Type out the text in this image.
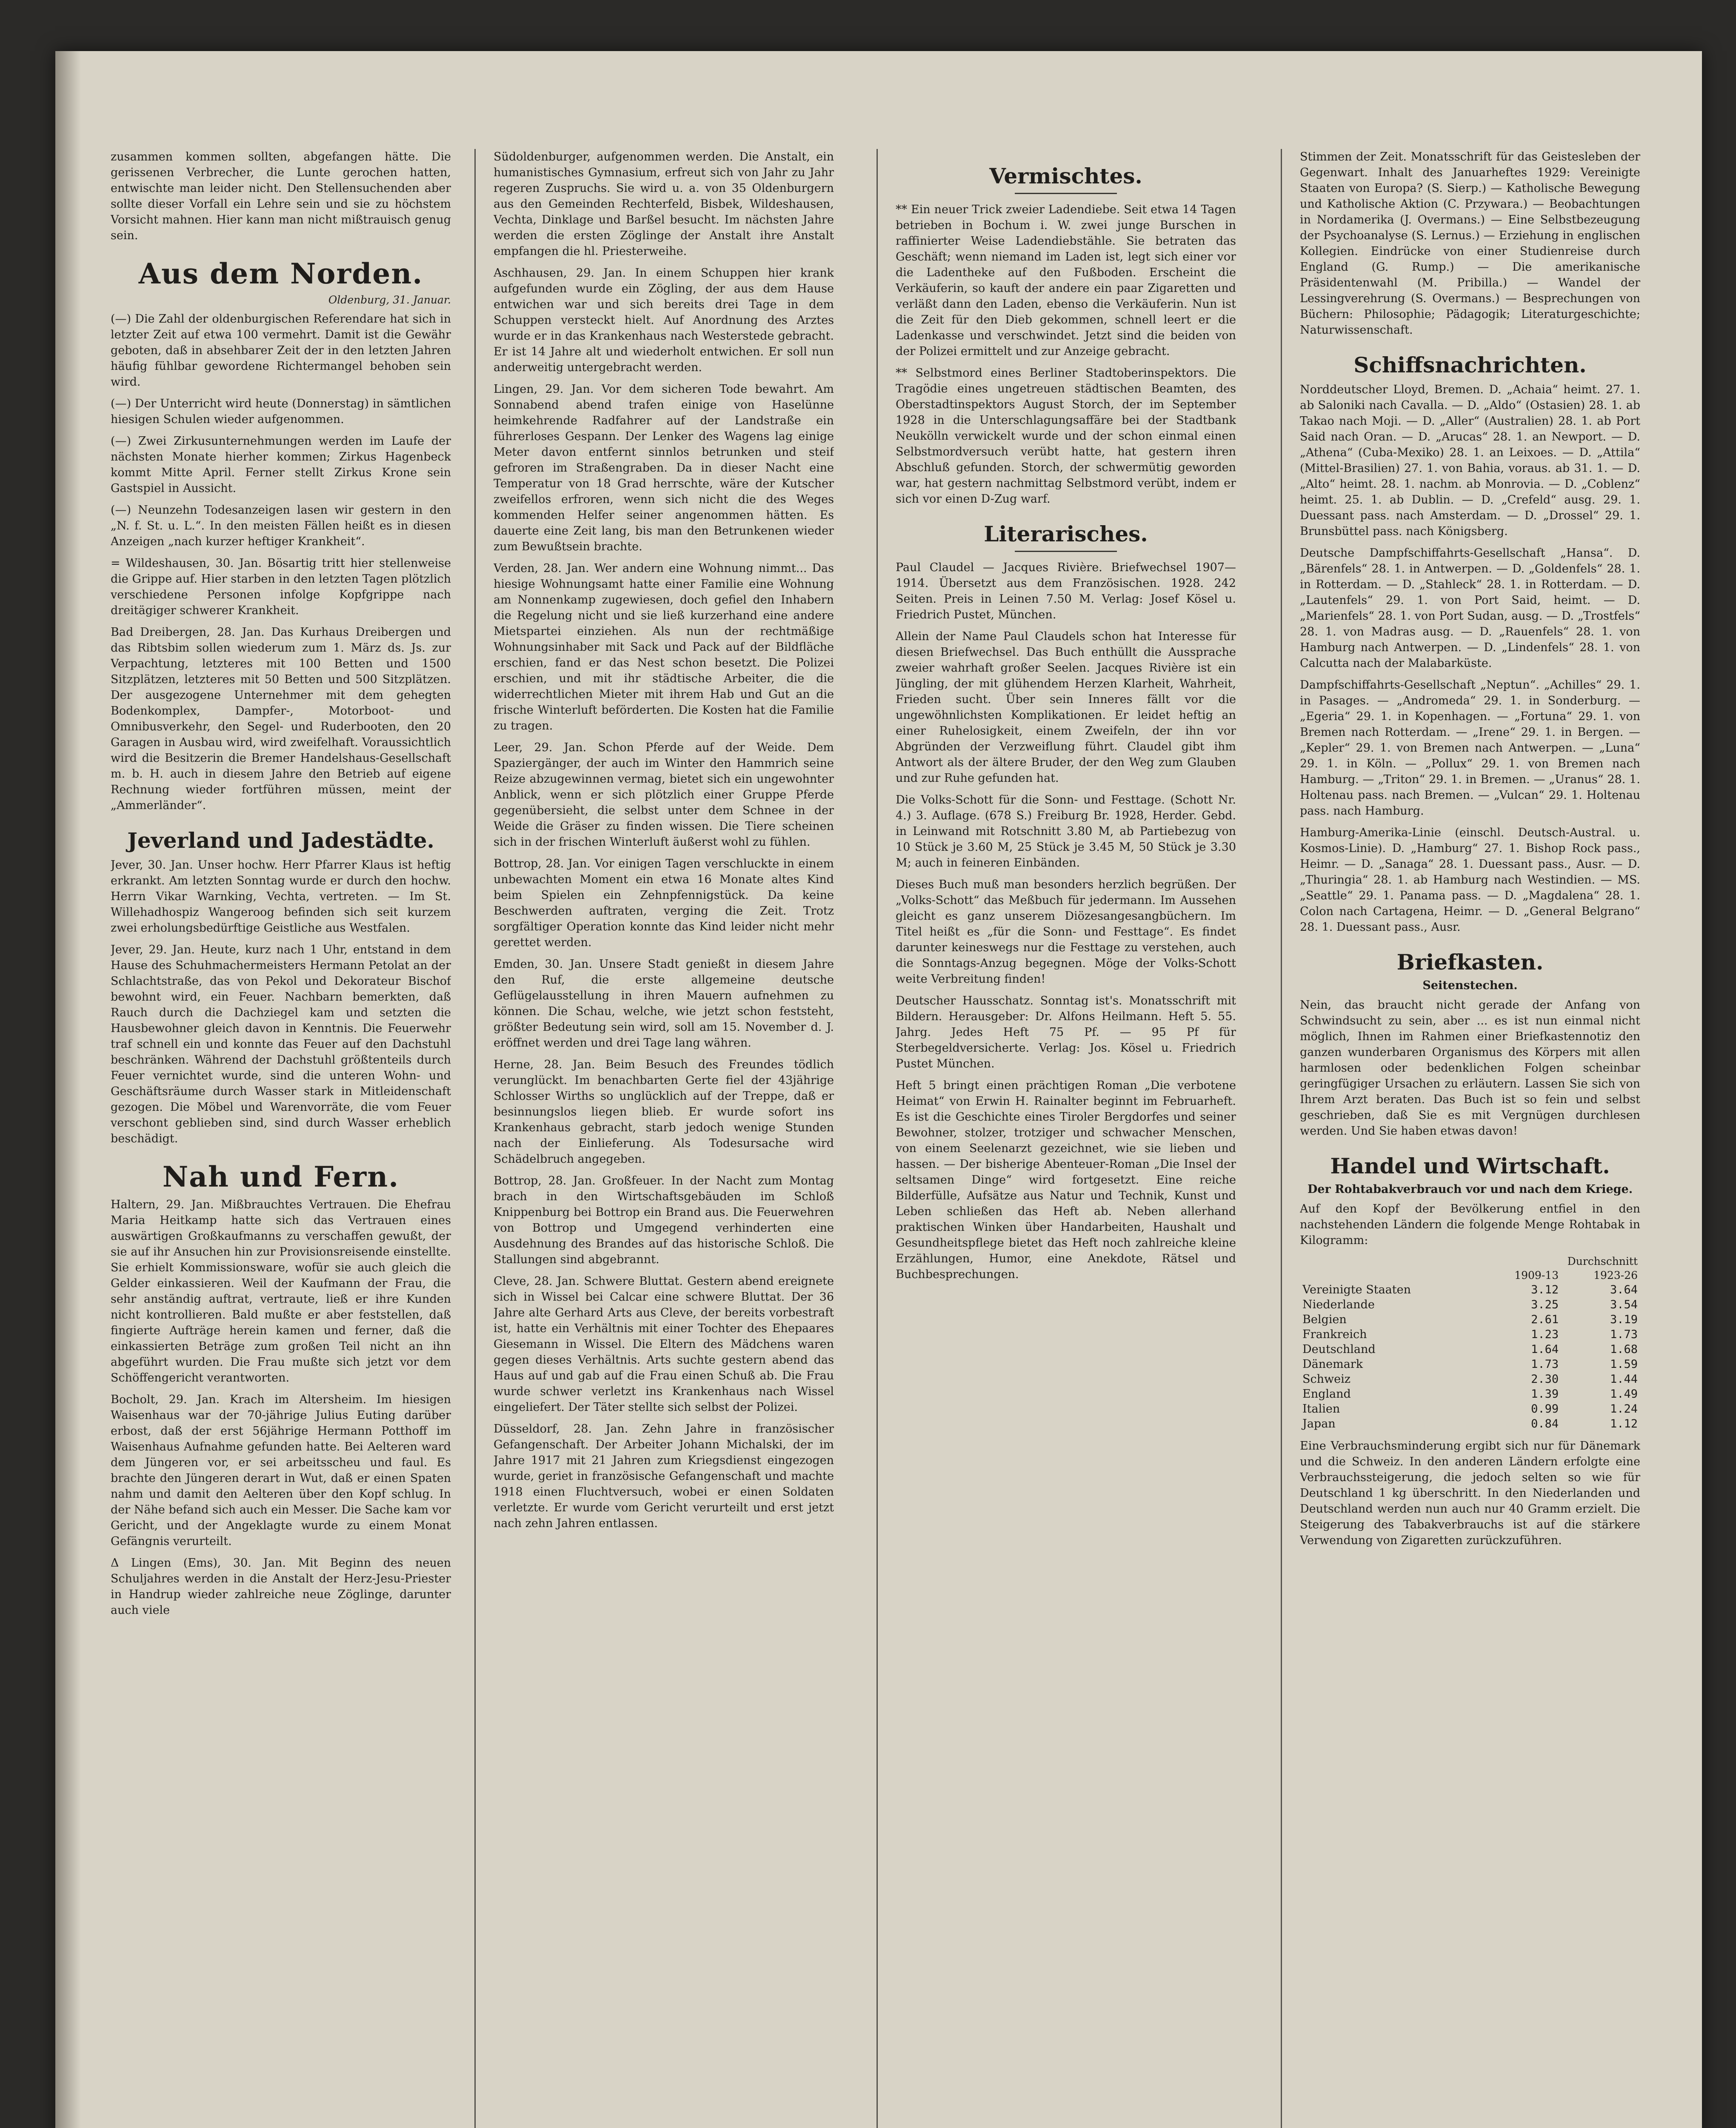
zusammen kommen sollten, abgefangen hätte. Die gerissenen Verbrecher, die Lunte gerochen hatten, entwischte man leider nicht. Den Stellensuchenden aber sollte dieser Vorfall ein Lehre sein und sie zu höchstem Vorsicht mahnen. Hier kann man nicht mißtrauisch genug sein.

Aus dem Norden.
Oldenburg, 31. Januar.

(—) Die Zahl der oldenburgischen Referendare hat sich in letzter Zeit auf etwa 100 vermehrt. Damit ist die Gewähr geboten, daß in absehbarer Zeit der in den letzten Jahren häufig fühlbar gewordene Richtermangel behoben sein wird.

(—) Der Unterricht wird heute (Donnerstag) in sämtlichen hiesigen Schulen wieder aufgenommen.

(—) Zwei Zirkusunternehmungen werden im Laufe der nächsten Monate hierher kommen; Zirkus Hagenbeck kommt Mitte April. Ferner stellt Zirkus Krone sein Gastspiel in Aussicht.

(—) Neunzehn Todesanzeigen lasen wir gestern in den „N. f. St. u. L.“. In den meisten Fällen heißt es in diesen Anzeigen „nach kurzer heftiger Krankheit“.

= Wildeshausen, 30. Jan. Bösartig tritt hier stellenweise die Grippe auf. Hier starben in den letzten Tagen plötzlich verschiedene Personen infolge Kopfgrippe nach dreitägiger schwerer Krankheit.

Bad Dreibergen, 28. Jan. Das Kurhaus Dreibergen und das Ribtsbim sollen wiederum zum 1. März ds. Js. zur Verpachtung, letzteres mit 100 Betten und 1500 Sitzplätzen, letzteres mit 50 Betten und 500 Sitzplätzen. Der ausgezogene Unternehmer mit dem gehegten Bodenkomplex, Dampfer-, Motorboot- und Omnibusverkehr, den Segel- und Ruderbooten, den 20 Garagen in Ausbau wird, wird zweifelhaft. Voraussichtlich wird die Besitzerin die Bremer Handelshaus-Gesellschaft m. b. H. auch in diesem Jahre den Betrieb auf eigene Rechnung wieder fortführen müssen, meint der „Ammerländer“.

Jeverland und Jadestädte.

Jever, 30. Jan. Unser hochw. Herr Pfarrer Klaus ist heftig erkrankt. Am letzten Sonntag wurde er durch den hochw. Herrn Vikar Warnking, Vechta, vertreten. — Im St. Willehadhospiz Wangeroog befinden sich seit kurzem zwei erholungsbedürftige Geistliche aus Westfalen.

Jever, 29. Jan. Heute, kurz nach 1 Uhr, entstand in dem Hause des Schuhmachermeisters Hermann Petolat an der Schlachtstraße, das von Pekol und Dekorateur Bischof bewohnt wird, ein Feuer. Nachbarn bemerkten, daß Rauch durch die Dachziegel kam und setzten die Hausbewohner gleich davon in Kenntnis. Die Feuerwehr traf schnell ein und konnte das Feuer auf den Dachstuhl beschränken. Während der Dachstuhl größtenteils durch Feuer vernichtet wurde, sind die unteren Wohn- und Geschäftsräume durch Wasser stark in Mitleidenschaft gezogen. Die Möbel und Warenvorräte, die vom Feuer verschont geblieben sind, sind durch Wasser erheblich beschädigt.

Nah und Fern.

Haltern, 29. Jan. Mißbrauchtes Vertrauen. Die Ehefrau Maria Heitkamp hatte sich das Vertrauen eines auswärtigen Großkaufmanns zu verschaffen gewußt, der sie auf ihr Ansuchen hin zur Provisionsreisende einstellte. Sie erhielt Kommissionsware, wofür sie auch gleich die Gelder einkassieren. Weil der Kaufmann der Frau, die sehr anständig auftrat, vertraute, ließ er ihre Kunden nicht kontrollieren. Bald mußte er aber feststellen, daß fingierte Aufträge herein kamen und ferner, daß die einkassierten Beträge zum großen Teil nicht an ihn abgeführt wurden. Die Frau mußte sich jetzt vor dem Schöffengericht verantworten.

Bocholt, 29. Jan. Krach im Altersheim. Im hiesigen Waisenhaus war der 70-jährige Julius Euting darüber erbost, daß der erst 56jährige Hermann Potthoff im Waisenhaus Aufnahme gefunden hatte. Bei Aelteren ward dem Jüngeren vor, er sei arbeitsscheu und faul. Es brachte den Jüngeren derart in Wut, daß er einen Spaten nahm und damit den Aelteren über den Kopf schlug. In der Nähe befand sich auch ein Messer. Die Sache kam vor Gericht, und der Angeklagte wurde zu einem Monat Gefängnis verurteilt.

Δ Lingen (Ems), 30. Jan. Mit Beginn des neuen Schuljahres werden in die Anstalt der Herz-Jesu-Priester in Handrup wieder zahlreiche neue Zöglinge, darunter auch viele

Südoldenburger, aufgenommen werden. Die Anstalt, ein humanistisches Gymnasium, erfreut sich von Jahr zu Jahr regeren Zuspruchs. Sie wird u. a. von 35 Oldenburgern aus den Gemeinden Rechterfeld, Bisbek, Wildeshausen, Vechta, Dinklage und Barßel besucht. Im nächsten Jahre werden die ersten Zöglinge der Anstalt ihre Anstalt empfangen die hl. Priesterweihe.

Aschhausen, 29. Jan. In einem Schuppen hier krank aufgefunden wurde ein Zögling, der aus dem Hause entwichen war und sich bereits drei Tage in dem Schuppen versteckt hielt. Auf Anordnung des Arztes wurde er in das Krankenhaus nach Westerstede gebracht. Er ist 14 Jahre alt und wiederholt entwichen. Er soll nun anderweitig untergebracht werden.

Lingen, 29. Jan. Vor dem sicheren Tode bewahrt. Am Sonnabend abend trafen einige von Haselünne heimkehrende Radfahrer auf der Landstraße ein führerloses Gespann. Der Lenker des Wagens lag einige Meter davon entfernt sinnlos betrunken und steif gefroren im Straßengraben. Da in dieser Nacht eine Temperatur von 18 Grad herrschte, wäre der Kutscher zweifellos erfroren, wenn sich nicht die des Weges kommenden Helfer seiner angenommen hätten. Es dauerte eine Zeit lang, bis man den Betrunkenen wieder zum Bewußtsein brachte.

Verden, 28. Jan. Wer andern eine Wohnung nimmt... Das hiesige Wohnungsamt hatte einer Familie eine Wohnung am Nonnenkamp zugewiesen, doch gefiel den Inhabern die Regelung nicht und sie ließ kurzerhand eine andere Mietspartei einziehen. Als nun der rechtmäßige Wohnungsinhaber mit Sack und Pack auf der Bildfläche erschien, fand er das Nest schon besetzt. Die Polizei erschien, und mit ihr städtische Arbeiter, die die widerrechtlichen Mieter mit ihrem Hab und Gut an die frische Winterluft beförderten. Die Kosten hat die Familie zu tragen.

Leer, 29. Jan. Schon Pferde auf der Weide. Dem Spaziergänger, der auch im Winter den Hammrich seine Reize abzugewinnen vermag, bietet sich ein ungewohnter Anblick, wenn er sich plötzlich einer Gruppe Pferde gegenübersieht, die selbst unter dem Schnee in der Weide die Gräser zu finden wissen. Die Tiere scheinen sich in der frischen Winterluft äußerst wohl zu fühlen.

Bottrop, 28. Jan. Vor einigen Tagen verschluckte in einem unbewachten Moment ein etwa 16 Monate altes Kind beim Spielen ein Zehnpfennigstück. Da keine Beschwerden auftraten, verging die Zeit. Trotz sorgfältiger Operation konnte das Kind leider nicht mehr gerettet werden.

Emden, 30. Jan. Unsere Stadt genießt in diesem Jahre den Ruf, die erste allgemeine deutsche Geflügelausstellung in ihren Mauern aufnehmen zu können. Die Schau, welche, wie jetzt schon feststeht, größter Bedeutung sein wird, soll am 15. November d. J. eröffnet werden und drei Tage lang währen.

Herne, 28. Jan. Beim Besuch des Freundes tödlich verunglückt. Im benachbarten Gerte fiel der 43jährige Schlosser Wirths so unglücklich auf der Treppe, daß er besinnungslos liegen blieb. Er wurde sofort ins Krankenhaus gebracht, starb jedoch wenige Stunden nach der Einlieferung. Als Todesursache wird Schädelbruch angegeben.

Bottrop, 28. Jan. Großfeuer. In der Nacht zum Montag brach in den Wirtschaftsgebäuden im Schloß Knippenburg bei Bottrop ein Brand aus. Die Feuerwehren von Bottrop und Umgegend verhinderten eine Ausdehnung des Brandes auf das historische Schloß. Die Stallungen sind abgebrannt.

Cleve, 28. Jan. Schwere Bluttat. Gestern abend ereignete sich in Wissel bei Calcar eine schwere Bluttat. Der 36 Jahre alte Gerhard Arts aus Cleve, der bereits vorbestraft ist, hatte ein Verhältnis mit einer Tochter des Ehepaares Giesemann in Wissel. Die Eltern des Mädchens waren gegen dieses Verhältnis. Arts suchte gestern abend das Haus auf und gab auf die Frau einen Schuß ab. Die Frau wurde schwer verletzt ins Krankenhaus nach Wissel eingeliefert. Der Täter stellte sich selbst der Polizei.

Düsseldorf, 28. Jan. Zehn Jahre in französischer Gefangenschaft. Der Arbeiter Johann Michalski, der im Jahre 1917 mit 21 Jahren zum Kriegsdienst eingezogen wurde, geriet in französische Gefangenschaft und machte 1918 einen Fluchtversuch, wobei er einen Soldaten verletzte. Er wurde vom Gericht verurteilt und erst jetzt nach zehn Jahren entlassen.

Vermischtes.

** Ein neuer Trick zweier Ladendiebe. Seit etwa 14 Tagen betrieben in Bochum i. W. zwei junge Burschen in raffinierter Weise Ladendiebstähle. Sie betraten das Geschäft; wenn niemand im Laden ist, legt sich einer vor die Ladentheke auf den Fußboden. Erscheint die Verkäuferin, so kauft der andere ein paar Zigaretten und verläßt dann den Laden, ebenso die Verkäuferin. Nun ist die Zeit für den Dieb gekommen, schnell leert er die Ladenkasse und verschwindet. Jetzt sind die beiden von der Polizei ermittelt und zur Anzeige gebracht.

** Selbstmord eines Berliner Stadtoberinspektors. Die Tragödie eines ungetreuen städtischen Beamten, des Oberstadtinspektors August Storch, der im September 1928 in die Unterschlagungsaffäre bei der Stadtbank Neukölln verwickelt wurde und der schon einmal einen Selbstmordversuch verübt hatte, hat gestern ihren Abschluß gefunden. Storch, der schwermütig geworden war, hat gestern nachmittag Selbstmord verübt, indem er sich vor einen D-Zug warf.

Literarisches.

Paul Claudel — Jacques Rivière. Briefwechsel 1907—1914. Übersetzt aus dem Französischen. 1928. 242 Seiten. Preis in Leinen 7.50 M. Verlag: Josef Kösel u. Friedrich Pustet, München.

Allein der Name Paul Claudels schon hat Interesse für diesen Briefwechsel. Das Buch enthüllt die Aussprache zweier wahrhaft großer Seelen. Jacques Rivière ist ein Jüngling, der mit glühendem Herzen Klarheit, Wahrheit, Frieden sucht. Über sein Inneres fällt vor die ungewöhnlichsten Komplikationen. Er leidet heftig an einer Ruhelosigkeit, einem Zweifeln, der ihn vor Abgründen der Verzweiflung führt. Claudel gibt ihm Antwort als der ältere Bruder, der den Weg zum Glauben und zur Ruhe gefunden hat.

Die Volks-Schott für die Sonn- und Festtage. (Schott Nr. 4.) 3. Auflage. (678 S.) Freiburg Br. 1928, Herder. Gebd. in Leinwand mit Rotschnitt 3.80 M, ab Partiebezug von 10 Stück je 3.60 M, 25 Stück je 3.45 M, 50 Stück je 3.30 M; auch in feineren Einbänden.

Dieses Buch muß man besonders herzlich begrüßen. Der „Volks-Schott“ das Meßbuch für jedermann. Im Aussehen gleicht es ganz unserem Diözesangesangbüchern. Im Titel heißt es „für die Sonn- und Festtage“. Es findet darunter keineswegs nur die Festtage zu verstehen, auch die Sonntags-Anzug begegnen. Möge der Volks-Schott weite Verbreitung finden!

Deutscher Hausschatz. Sonntag ist's. Monatsschrift mit Bildern. Herausgeber: Dr. Alfons Heilmann. Heft 5. 55. Jahrg. Jedes Heft 75 Pf. — 95 Pf für Sterbegeldversicherte. Verlag: Jos. Kösel u. Friedrich Pustet München.

Heft 5 bringt einen prächtigen Roman „Die verbotene Heimat“ von Erwin H. Rainalter beginnt im Februarheft. Es ist die Geschichte eines Tiroler Bergdorfes und seiner Bewohner, stolzer, trotziger und schwacher Menschen, von einem Seelenarzt gezeichnet, wie sie lieben und hassen. — Der bisherige Abenteuer-Roman „Die Insel der seltsamen Dinge“ wird fortgesetzt. Eine reiche Bilderfülle, Aufsätze aus Natur und Technik, Kunst und Leben schließen das Heft ab. Neben allerhand praktischen Winken über Handarbeiten, Haushalt und Gesundheitspflege bietet das Heft noch zahlreiche kleine Erzählungen, Humor, eine Anekdote, Rätsel und Buchbesprechungen.

Stimmen der Zeit. Monatsschrift für das Geistesleben der Gegenwart. Inhalt des Januarheftes 1929: Vereinigte Staaten von Europa? (S. Sierp.) — Katholische Bewegung und Katholische Aktion (C. Przywara.) — Beobachtungen in Nordamerika (J. Overmans.) — Eine Selbstbezeugung der Psychoanalyse (S. Lernus.) — Erziehung in englischen Kollegien. Eindrücke von einer Studienreise durch England (G. Rump.) — Die amerikanische Präsidentenwahl (M. Pribilla.) — Wandel der Lessingverehrung (S. Overmans.) — Besprechungen von Büchern: Philosophie; Pädagogik; Literaturgeschichte; Naturwissenschaft.

Schiffsnachrichten.

Norddeutscher Lloyd, Bremen. D. „Achaia“ heimt. 27. 1. ab Saloniki nach Cavalla. — D. „Aldo“ (Ostasien) 28. 1. ab Takao nach Moji. — D. „Aller“ (Australien) 28. 1. ab Port Said nach Oran. — D. „Arucas“ 28. 1. an Newport. — D. „Athena“ (Cuba-Mexiko) 28. 1. an Leixoes. — D. „Attila“ (Mittel-Brasilien) 27. 1. von Bahia, voraus. ab 31. 1. — D. „Alto“ heimt. 28. 1. nachm. ab Monrovia. — D. „Coblenz“ heimt. 25. 1. ab Dublin. — D. „Crefeld“ ausg. 29. 1. Duessant pass. nach Amsterdam. — D. „Drossel“ 29. 1. Brunsbüttel pass. nach Königsberg.

Deutsche Dampfschiffahrts-Gesellschaft „Hansa“. D. „Bärenfels“ 28. 1. in Antwerpen. — D. „Goldenfels“ 28. 1. in Rotterdam. — D. „Stahleck“ 28. 1. in Rotterdam. — D. „Lautenfels“ 29. 1. von Port Said, heimt. — D. „Marienfels“ 28. 1. von Port Sudan, ausg. — D. „Trostfels“ 28. 1. von Madras ausg. — D. „Rauenfels“ 28. 1. von Hamburg nach Antwerpen. — D. „Lindenfels“ 28. 1. von Calcutta nach der Malabarküste.

Dampfschiffahrts-Gesellschaft „Neptun“. „Achilles“ 29. 1. in Pasages. — „Andromeda“ 29. 1. in Sonderburg. — „Egeria“ 29. 1. in Kopenhagen. — „Fortuna“ 29. 1. von Bremen nach Rotterdam. — „Irene“ 29. 1. in Bergen. — „Kepler“ 29. 1. von Bremen nach Antwerpen. — „Luna“ 29. 1. in Köln. — „Pollux“ 29. 1. von Bremen nach Hamburg. — „Triton“ 29. 1. in Bremen. — „Uranus“ 28. 1. Holtenau pass. nach Bremen. — „Vulcan“ 29. 1. Holtenau pass. nach Hamburg.

Hamburg-Amerika-Linie (einschl. Deutsch-Austral. u. Kosmos-Linie). D. „Hamburg“ 27. 1. Bishop Rock pass., Heimr. — D. „Sanaga“ 28. 1. Duessant pass., Ausr. — D. „Thuringia“ 28. 1. ab Hamburg nach Westindien. — MS. „Seattle“ 29. 1. Panama pass. — D. „Magdalena“ 28. 1. Colon nach Cartagena, Heimr. — D. „General Belgrano“ 28. 1. Duessant pass., Ausr.

Briefkasten.
Seitenstechen.

Nein, das braucht nicht gerade der Anfang von Schwindsucht zu sein, aber ... es ist nun einmal nicht möglich, Ihnen im Rahmen einer Briefkastennotiz den ganzen wunderbaren Organismus des Körpers mit allen harmlosen oder bedenklichen Folgen scheinbar geringfügiger Ursachen zu erläutern. Lassen Sie sich von Ihrem Arzt beraten. Das Buch ist so fein und selbst geschrieben, daß Sie es mit Vergnügen durchlesen werden. Und Sie haben etwas davon!

Handel und Wirtschaft.
Der Rohtabakverbrauch vor und nach dem Kriege.

Auf den Kopf der Bevölkerung entfiel in den nachstehenden Ländern die folgende Menge Rohtabak in Kilogramm:

	Durchschnitt	
	1909-13	1923-26
Vereinigte Staaten	3.12	3.64
Niederlande	3.25	3.54
Belgien	2.61	3.19
Frankreich	1.23	1.73
Deutschland	1.64	1.68
Dänemark	1.73	1.59
Schweiz	2.30	1.44
England	1.39	1.49
Italien	0.99	1.24
Japan	0.84	1.12

Eine Verbrauchsminderung ergibt sich nur für Dänemark und die Schweiz. In den anderen Ländern erfolgte eine Verbrauchssteigerung, die jedoch selten so wie für Deutschland 1 kg überschritt. In den Niederlanden und Deutschland werden nun auch nur 40 Gramm erzielt. Die Steigerung des Tabakverbrauchs ist auf die stärkere Verwendung von Zigaretten zurückzuführen.
